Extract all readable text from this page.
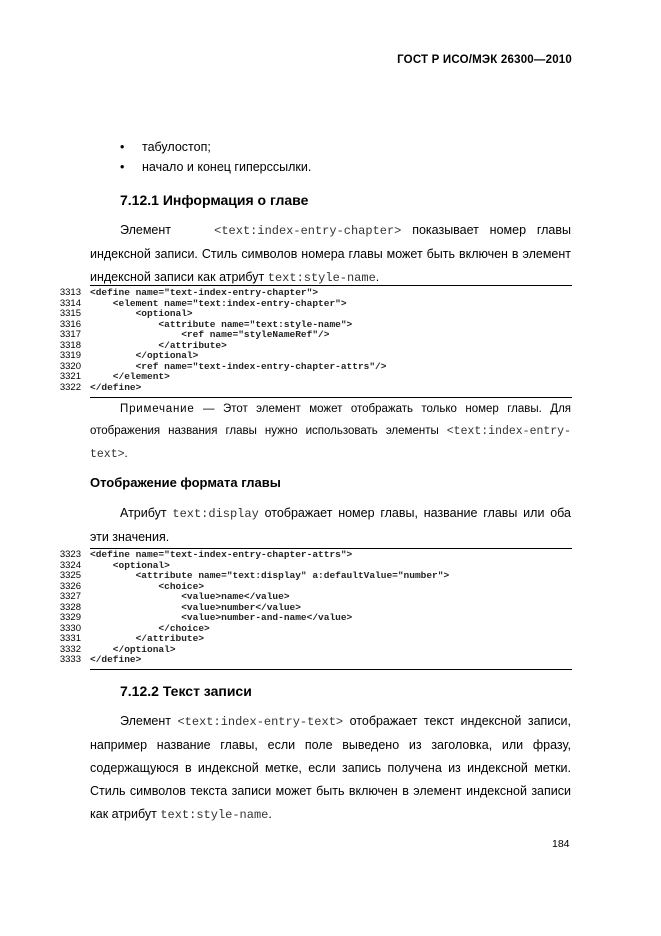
ГОСТ Р ИСО/МЭК 26300—2010
• табулостоп;
• начало и конец гиперссылки.
7.12.1 Информация о главе
Элемент	<text:index-entry-chapter> показывает номер главы индексной записи. Стиль символов номера главы может быть включен в элемент индексной записи как атрибут text:style-name.
3313 <define name="text-index-entry-chapter">
3314 <element name="text:index-entry-chapter">
3315 <optional>
3316 <attribute name="text:style-name">
3317 <ref name="styleNameRef"/>
3318 </attribute>
3319 </optional>
3320 <ref name="text-index-entry-chapter-attrs"/>
3321 </element>
3322 </define>
Примечание — Этот элемент может отображать только номер главы. Для отображения названия главы нужно использовать элементы <text:index-entry-text>.
Отображение формата главы
Атрибут text:display отображает номер главы, название главы или оба эти значения.
3323 <define name="text-index-entry-chapter-attrs">
3324 <optional>
3325 <attribute name="text:display" a:defaultValue="number">
3326 <choice>
3327 <value>name</value>
3328 <value>number</value>
3329 <value>number-and-name</value>
3330 </choice>
3331 </attribute>
3332 </optional>
3333 </define>
7.12.2 Текст записи
Элемент <text:index-entry-text> отображает текст индексной записи, например название главы, если поле выведено из заголовка, или фразу, содержащуюся в индексной метке, если запись получена из индексной метки. Стиль символов текста записи может быть включен в элемент индексной записи как атрибут text:style-name.
184
